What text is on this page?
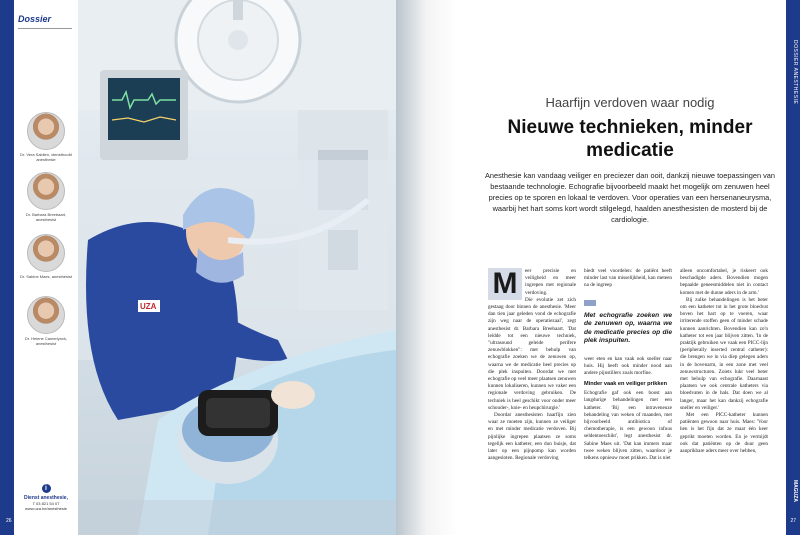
26
Dossier
Dr. Vera Saldien, diensthoofd anesthesie
Dr. Barbara Breebaart, anesthesist
Dr. Sabine Maes, anesthesist
Dr. Helene Camerlynck, anesthesist
i
Dienst anesthesie,
T 03 821 54 07
www.uza.be/anesthesie
UZA
DOSSIER ANESTHESIE
MAGUZA
27
Haarfijn verdoven waar nodig
Nieuwe technieken, minder medicatie
Anesthesie kan vandaag veiliger en preciezer dan ooit, dankzij nieuwe toepassingen van bestaande technologie. Echografie bijvoorbeeld maakt het mogelijk om zenuwen heel precies op te sporen en lokaal te verdoven. Voor operaties van een hersenaneurysma, waarbij het hart soms kort wordt stilgelegd, haalden anesthesisten de mosterd bij de cardiologie.
M	eer precisie en veiligheid en meer ingrepen met regionale verdoving.

Die evolutie zet zich gestaag door binnen de anesthesie. 'Meer dan tien jaar geleden vond de echografie zijn weg naar de operatiezaal', zegt anesthesist dr. Barbara Breebaart. 'Dat leidde tot een nieuwe techniek, "ultrasound geleide perifere zenuwblokken": met behulp van echografie zoeken we de zenuwen op, waarna we de medicatie heel precies op die plek inspuiten. Doordat we met echografie op veel meer plaatsen zenuwen kunnen lokaliseren, kunnen we vaker een regionale verdoving gebruiken. De techniek is heel geschikt voor onder meer schouder-, knie- en heupchirurgie.'

Doordat anesthesisten haarfijn zien waar ze moeten zijn, kunnen ze veiliger en met minder medicatie verdoven. Bij pijnlijke ingrepen plaatsen ze soms tegelijk een katheter, een dun buisje, dat later op een pijnpomp kan worden aangesloten. Regionale verdoving

biedt veel voordelen: de patiënt heeft minder last van misselijkheid, kan meteen na de ingreep

Met echografie zoeken we de zenuwen op, waarna we de medicatie precies op die plek inspuiten.

weer eten en kan vaak ook sneller naar huis. Hij heeft ook minder nood aan andere pijnstillers zoals morfine.

Minder vaak en veiliger prikken

Echografie gaf ook een boost aan langdurige behandelingen met een katheter. 'Bij een intraveneuze behandeling van weken of maanden, met bijvoorbeeld antibiotica of chemotherapie, is een gewoon infuus seldentoeschikt', legt anesthesist dr. Sabine Maes uit. 'Dat kan immers maar twee weken blijven zitten, waardoor je telkens opnieuw moet prikken. Dat is niet

alleen oncomfortabel, je riskeert ook beschadigde aders. Bovendien mogen bepaalde geneesmiddelen niet in contact komen met de dunne aders in de arm.'

Bij zulke behandelingen is het beter om een katheter tot in het grote bloedvat boven het hart op te voeren, waar irriterende stoffen geen of minder schade kunnen aanrichten. Bovendien kan zo'n katheter tot een jaar blijven zitten. 'In de praktijk gebruiken we vaak een PICC-lijn (peripherally inserted central catheter): die brengen we in via diep gelegen aders in de bovenarm, in een zone met veel zenuwstructuren. Zoiets lukt veel beter met behulp van echografie. Daarnaast plaatsen we ook centrale katheters via bloedvaten in de hals. Dat doen we al langer, maar het kan dankzij echografie sneller en veiliger.'

Met een PICC-katheter kunnen patiënten gewoon naar huis. Maes: 'Voor hen is het fijn dat ze maar één keer geprikt moeten worden. En je vermijdt ook dat patiënten op de duur geen aanprikbare aders meer over hebben,
